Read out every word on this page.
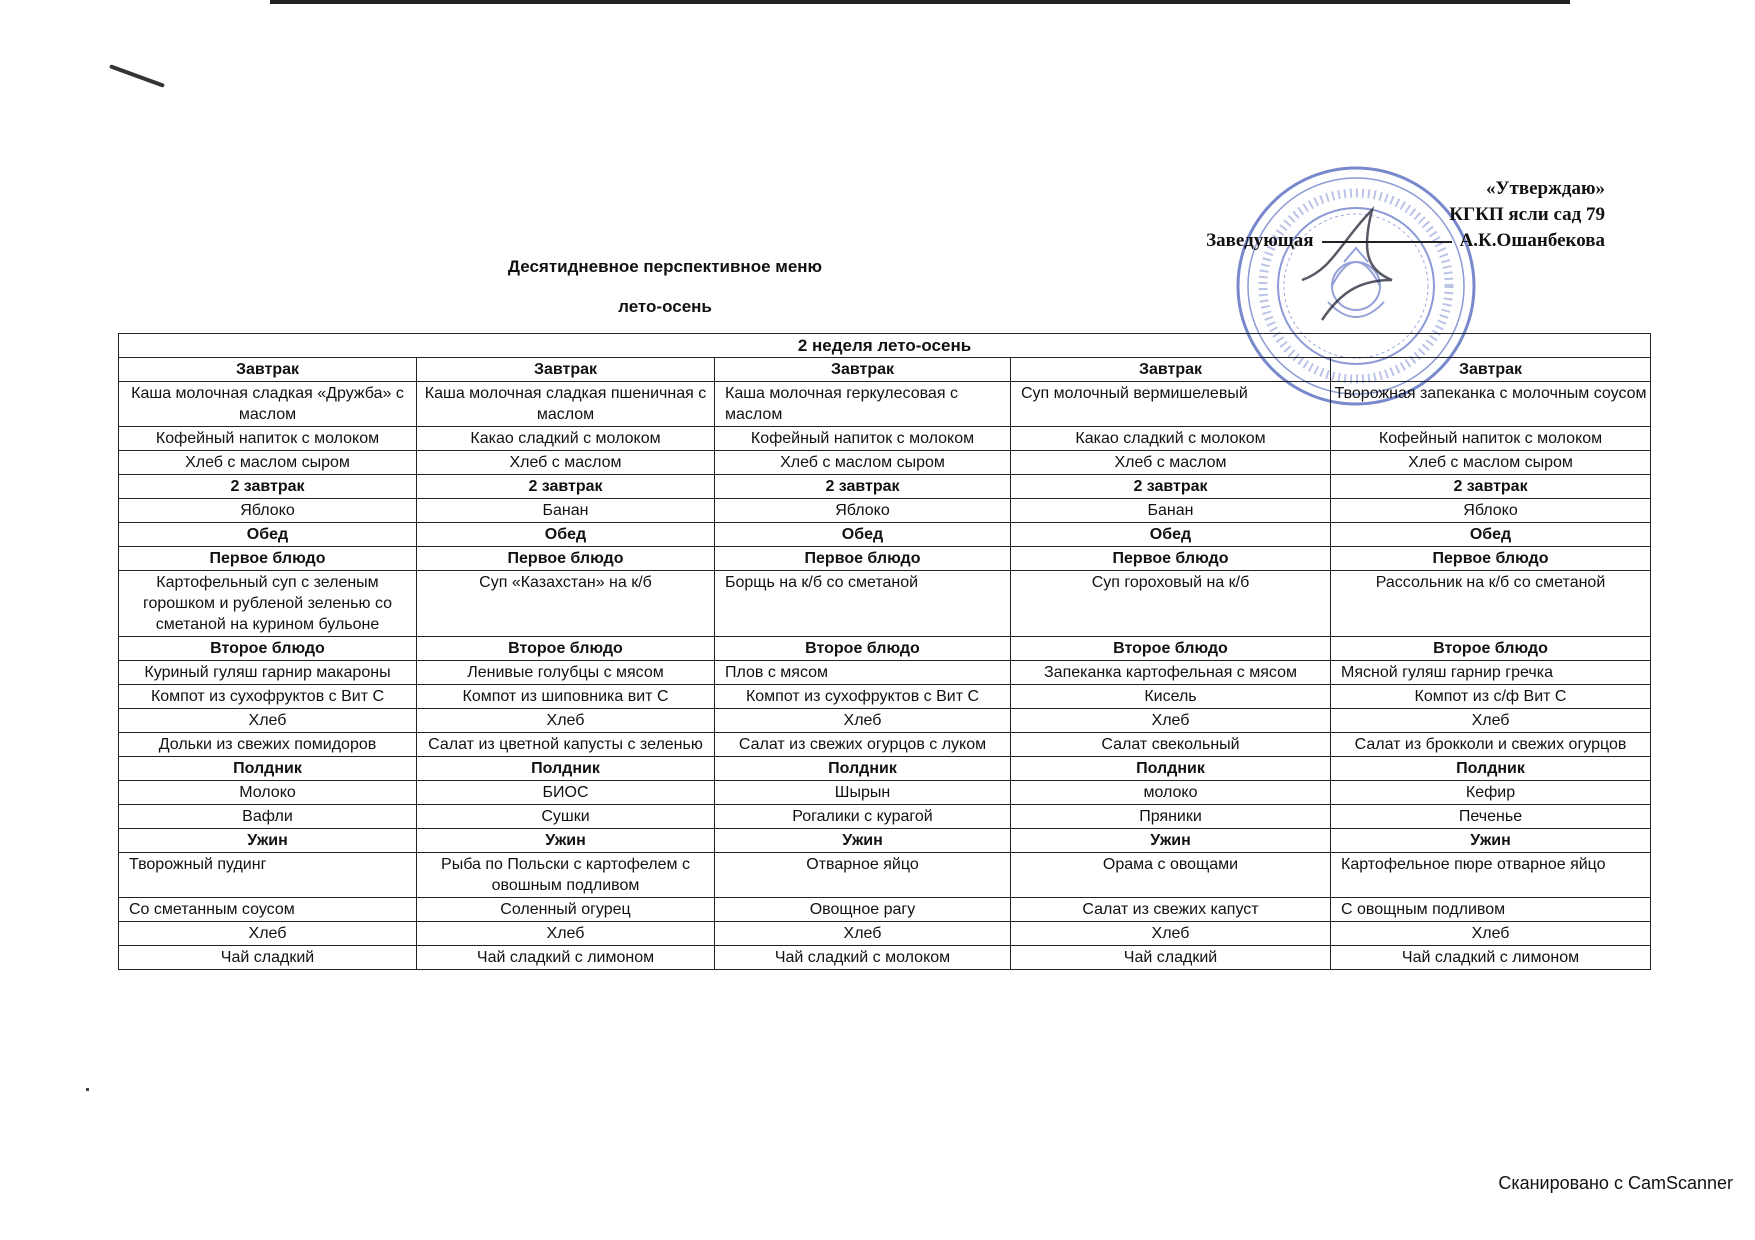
«Утверждаю»
КГКП ясли сад 79
Заведующая	А.К.Ошанбекова
Десятидневное перспективное меню
лето-осень
2 неделя лето-осень				
Завтрак	Завтрак	Завтрак	Завтрак	Завтрак
Каша молочная сладкая «Дружба» с маслом	Каша молочная сладкая пшеничная с маслом	Каша молочная геркулесовая с маслом	Суп молочный вермишелевый	Творожная запеканка с молочным соусом
Кофейный напиток с молоком	Какао сладкий с молоком	Кофейный напиток с молоком	Какао сладкий с молоком	Кофейный напиток с молоком
Хлеб с маслом сыром	Хлеб с маслом	Хлеб с маслом сыром	Хлеб с маслом	Хлеб с маслом сыром
2 завтрак	2 завтрак	2 завтрак	2 завтрак	2 завтрак
Яблоко	Банан	Яблоко	Банан	Яблоко
Обед	Обед	Обед	Обед	Обед
Первое блюдо	Первое блюдо	Первое блюдо	Первое блюдо	Первое блюдо
Картофельный суп с зеленым горошком и рубленой зеленью со сметаной на курином бульоне	Суп «Казахстан» на к/б	Борщь на к/б со сметаной	Суп гороховый на к/б	Рассольник на к/б со сметаной
Второе блюдо	Второе блюдо	Второе блюдо	Второе блюдо	Второе блюдо
Куриный гуляш гарнир макароны	Ленивые голубцы с мясом	Плов с мясом	Запеканка картофельная с мясом	Мясной гуляш гарнир гречка
Компот из сухофруктов с Вит С	Компот из шиповника вит С	Компот из сухофруктов с Вит С	Кисель	Компот из с/ф Вит С
Хлеб	Хлеб	Хлеб	Хлеб	Хлеб
Дольки из свежих помидоров	Салат из цветной капусты с зеленью	Салат из свежих огурцов с луком	Салат свекольный	Салат из брокколи и свежих огурцов
Полдник	Полдник	Полдник	Полдник	Полдник
Молоко	БИОС	Шырын	молоко	Кефир
Вафли	Сушки	Рогалики с курагой	Пряники	Печенье
Ужин	Ужин	Ужин	Ужин	Ужин
Творожный пудинг	Рыба по Польски с картофелем с овошным подливом	Отварное яйцо	Орама с овощами	Картофельное пюре отварное яйцо
Со сметанным соусом	Соленный огурец	Овощное рагу	Салат из свежих капуст	С овощным подливом
Хлеб	Хлеб	Хлеб	Хлеб	Хлеб
Чай сладкий	Чай сладкий с лимоном	Чай сладкий с молоком	Чай сладкий	Чай сладкий с лимоном
Сканировано с CamScanner
